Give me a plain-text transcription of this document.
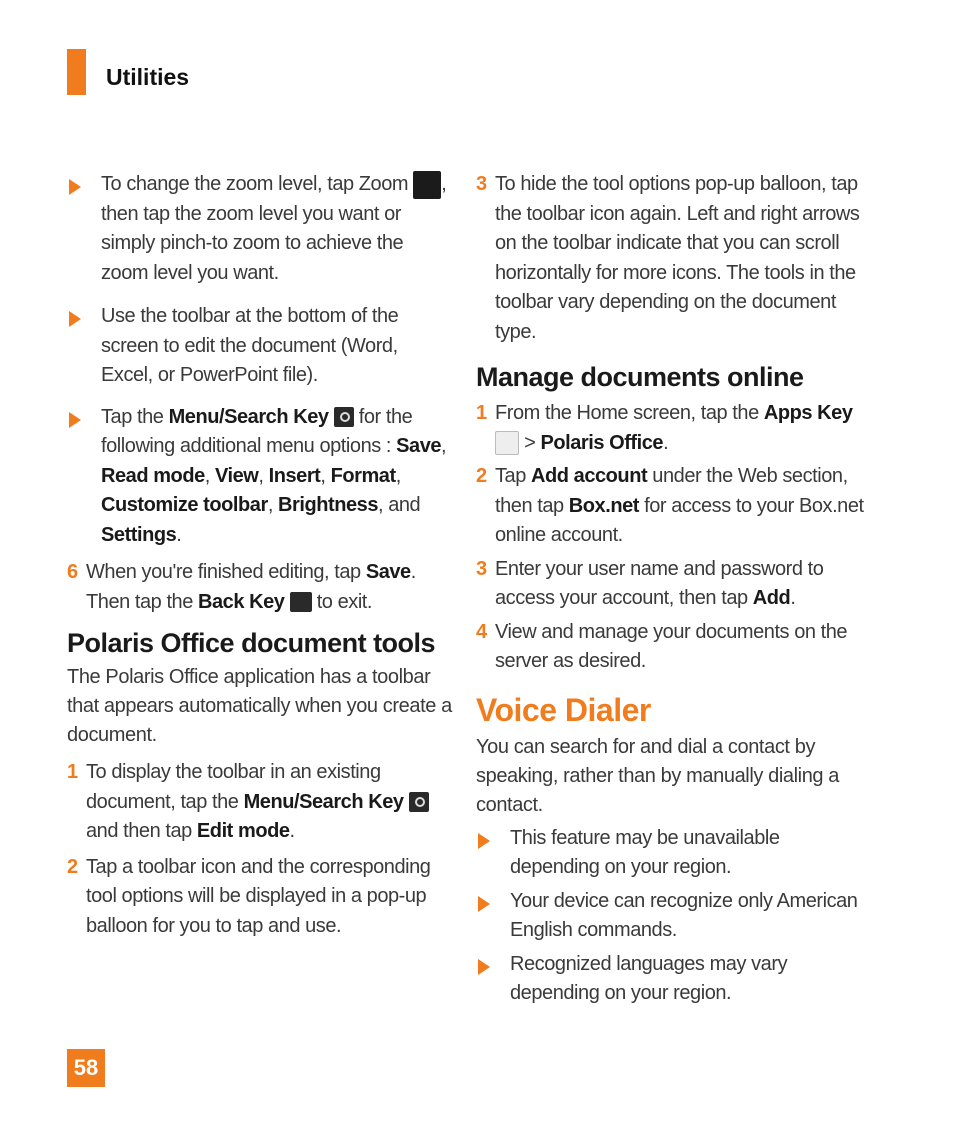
Utilities
To change the zoom level, tap Zoom , then tap the zoom level you want or simply pinch-to zoom to achieve the zoom level you want.
Use the toolbar at the bottom of the screen to edit the document (Word, Excel, or PowerPoint file).
Tap the Menu/Search Key for the following additional menu options : Save, Read mode, View, Insert, Format, Customize toolbar, Brightness, and Settings.
6 When you're finished editing, tap Save. Then tap the Back Key to exit.
Polaris Office document tools

The Polaris Office application has a toolbar that appears automatically when you create a document.

1 To display the toolbar in an existing document, tap the Menu/Search Key  and then tap Edit mode.
2 Tap a toolbar icon and the corresponding tool options will be displayed in a pop-up balloon for you to tap and use.
3 To hide the tool options pop-up balloon, tap the toolbar icon again. Left and right arrows on the toolbar indicate that you can scroll horizontally for more icons. The tools in the toolbar vary depending on the document type.
Manage documents online
1 From the Home screen, tap the Apps Key  > Polaris Office.
2 Tap Add account under the Web section, then tap Box.net for access to your Box.net online account.
3 Enter your user name and password to access your account, then tap Add.
4 View and manage your documents on the server as desired.
Voice Dialer

You can search for and dial a contact by speaking, rather than by manually dialing a contact.

This feature may be unavailable depending on your region.
Your device can recognize only American English commands.
Recognized languages may vary depending on your region.
58
